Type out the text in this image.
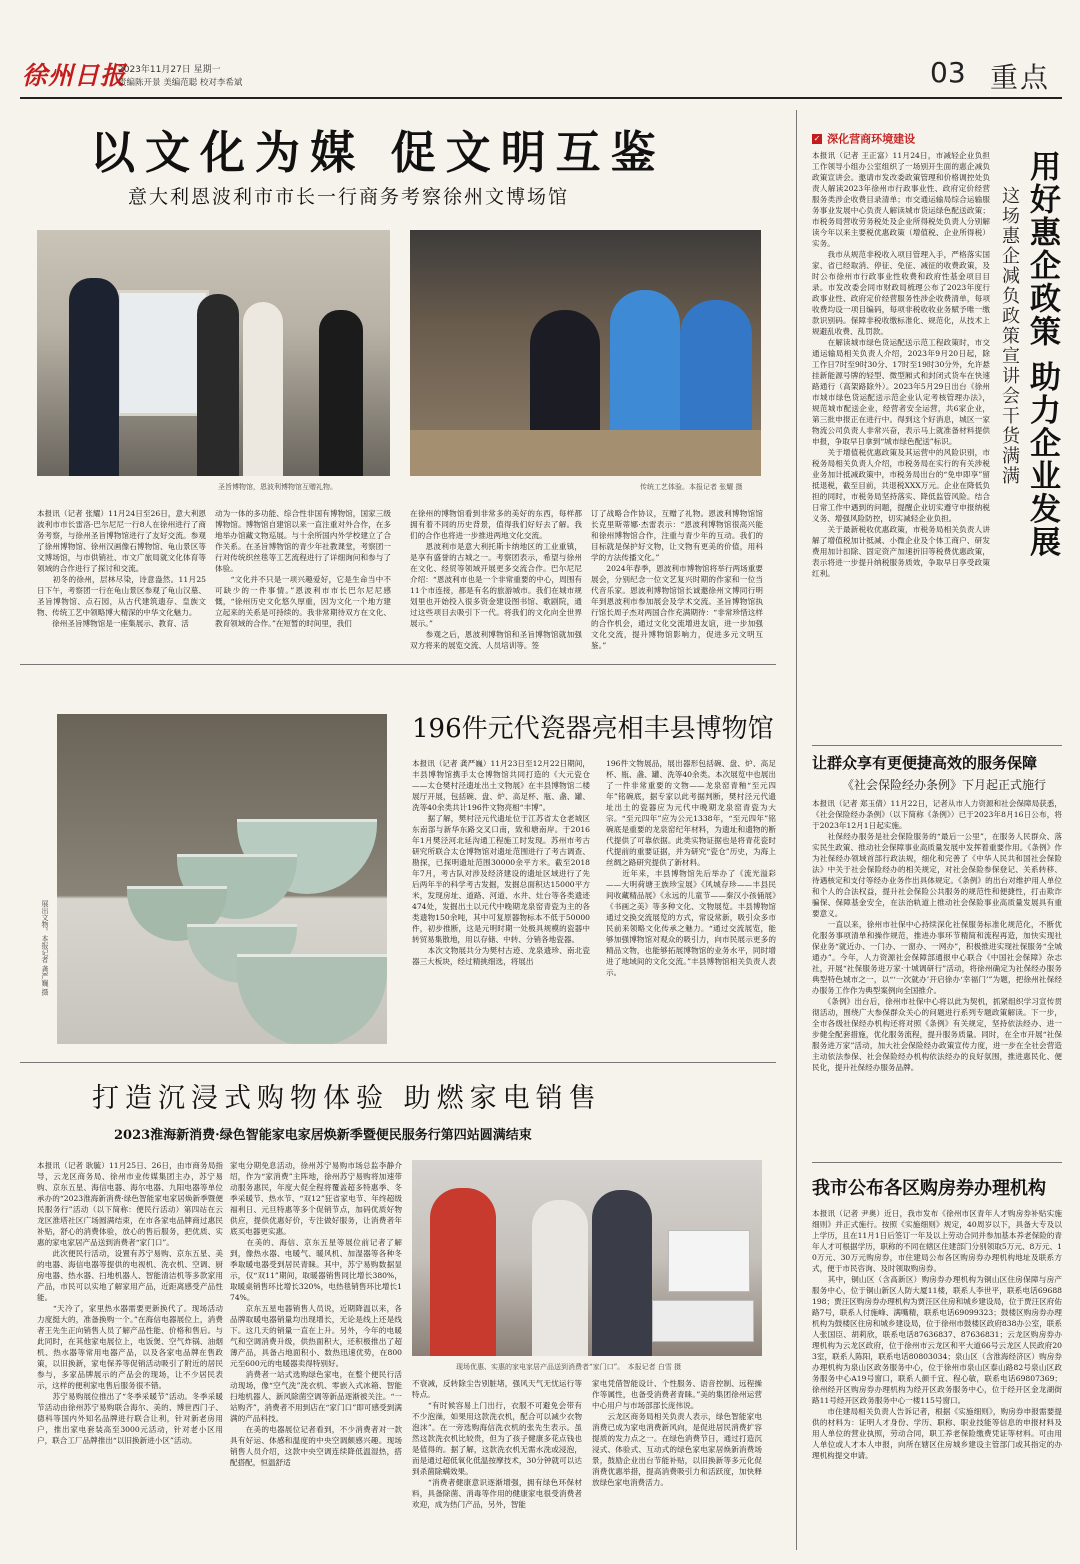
徐州日报
2023年11月27日 星期一
责编陈开景 美编范聪 校对李希斌	03 重点
以文化为媒 促文明互鉴
意大利恩波利市市长一行商务考察徐州文博场馆
圣旨博物馆，恩波利博物馆互赠礼物。	传统工艺体验。本报记者 张耀 摄
本报讯（记者 张耀）11月24日至26日，意大利恩波利市市长雷洛·巴尔尼尼一行8人在徐州进行了商务考察，与徐州圣旨博物馆进行了友好交流。参观了徐州博物馆、徐州汉画像石博物馆、龟山景区等文博场馆，与市供销社、市文广旅局就文化体育等领域的合作进行了探讨和交流。
　　初冬的徐州，层林尽染，诗意盎然。11月25日下午，考察团一行在龟山景区参观了龟山汉墓、圣旨博物馆、点石园，从古代建筑遗存、皇族文物、传统工艺中领略博大精深的中华文化魅力。
　　徐州圣旨博物馆是一座集展示、教育、活
动为一体的多功能、综合性非国有博物馆，国家三级博物馆。博物馆自建馆以来一直注重对外合作，在多地举办馆藏文物巡展。与十余所国内外学校建立了合作关系。在圣旨博物馆的青少年社教课堂，考察团一行对传统织丝毯等工艺流程进行了详细询问和参与了体验。
　　“文化并不只是一项兴趣爱好，它是生命当中不可缺少的一件事情。”恩波利市市长巴尔尼尼感慨，“徐州历史文化悠久厚重，因为文化一个地方建立起来的关系是可持续的。我非常期待双方在文化、教育领域的合作。”在短暂的时间里，我们
在徐州的博物馆看到非常多的美好的东西，每样都拥有着不同的历史背景，值得我们好好去了解。我们的合作也将进一步推进两地文化交流。
　　恩波利市是意大利托斯卡纳地区的工业重镇，是享有盛誉的古城之一。考察团表示，希望与徐州在文化、经贸等领域开展更多交流合作。巴尔尼尼介绍：“恩波利市也是一个非常重要的中心，周围有11个市连接，都是有名的旅游城市。我们在城市规划里也开始投入很多资金建设图书馆、歌剧院，通过这些项目去吸引下一代。将我们的文化向全世界展示。”
　　参观之后，恩波利博物馆和圣旨博物馆就加强双方将来的展览交流、人员培训等。签
订了战略合作协议，互赠了礼物。恩波利博物馆馆长克里斯蒂娜·杰雷表示：“恩波利博物馆很高兴能和徐州博物馆合作，注重与青少年的互动。我们的目标就是保护好文物，让文物有更美的价值，用科学的方法传播文化。”
　　2024年春季，恩波利市博物馆将举行两场重要展会，分别纪念一位文艺复兴时期的作家和一位当代音乐家。恩波利博物馆馆长诚邀徐州文博同行明年到恩波利市参加展会及学术交流。圣旨博物馆执行馆长周子杰对两国合作充满期待：“非常珍惜这样的合作机会，通过文化交流增进友谊，进一步加强文化交流，提升博物馆影响力，促进多元文明互鉴。”
✓ 深化营商环境建设
用好惠企政策 助力企业发展
这场惠企减负政策宣讲会干货满满
本报讯（记者 王正富）11月24日，市减轻企业负担工作领导小组办公室组织了一场别开生面的惠企减负政策宣讲会。邀请市发改委政策管理和价格调控处负责人解读2023年徐州市行政事业性、政府定价经营服务类涉企收费目录清单；市交通运输局综合运输服务事业发展中心负责人解读城市货运绿色配送政策；市税务局营收劳务税处及企业所得税处负责人分别解读今年以来主要税优惠政策（增值税、企业所得税）实务。
　　我市从规范非税收入项目管理入手，严格落实国家、省已经取消、停征、免征、减征的收费政策，及时公布徐州市行政事业性收费和政府性基金项目目录。市发改委会同市财政局梳理公布了2023年度行政事业性、政府定价经营服务性涉企收费清单，每项收费均设一项目编码，每项非税收收业务赋予唯一缴款识别码。保障非税收缴标准化、规范化，从技术上规避乱收费、乱罚款。
　　在解读城市绿色货运配送示范工程政策时，市交通运输局相关负责人介绍，2023年9月20日起，除工作日7时至9时30分、17时至19时30分外，允许悬挂新能源号牌的轻型、微型厢式和封闭式货车在快速路通行（高架路除外）。2023年5月29日出台《徐州市城市绿色货运配送示范企业认定考核管理办法》，规范城市配送企业，经营者安全运营，共6家企业，第三批申报正在进行中。得到这个好消息，城区一家物流公司负责人非常兴奋，表示马上就准备材料提供申报，争取早日拿到“城市绿色配送”标识。
　　关于增值税优惠政策及其运营中的风险识别，市税务局相关负责人介绍，市税务局在实行的有关涉税业务加计抵减政策中，市税务局出台的“免申即享”留抵退税，截至目前，共退税XXX万元。企业在降低负担的同时，市税务局坚持落实、降低监管风险。结合日常工作中遇到的问题，提醒企业切实遵守申报纳税义务、增强风险防控，切实减轻企业负担。
　　关于最新税收优惠政策，市税务局相关负责人讲解了增值税加计抵减、小微企业及个体工商户、研发费用加计扣除、固定资产加速折旧等税费优惠政策，表示将进一步提升纳税服务质效，争取早日享受政策红利。
展出文物。本报记者 龚严巍 摄
196件元代瓷器亮相丰县博物馆
本报讯（记者 龚严巍）11月23日至12月22日期间，丰县博物馆携手太仓博物馆共同打造的《大元瓷仓——太仓樊村泾遗址出土文物展》在丰县博物馆二楼展厅开展，包括碗、盘、炉、高足杯、瓶、盏、罐、洗等40余类共计196件文物亮相“丰博”。
　　据了解，樊村泾元代遗址位于江苏省太仓老城区东南部与新华东路交叉口南，致和塘南岸。于2016年1月樊泾河北延沟通工程施工时发现。苏州市考古研究所联合太仓博物馆对遗址范围进行了考古调查、勘探，已探明遗址范围30000余平方米。截至2018年7月，考古队对涉及经济建设的遗址区域进行了先后两年半的科学考古发掘，发掘总面积达15000平方米，发现房址、道路、河道、水井、灶台等各类遗迹474处，发掘出土以元代中晚期龙泉窑青瓷为主的各类遗物150余吨，其中可复原器物标本不低于50000件，初步推断，这是元明时期一处极具规模的瓷器中转贸易集散地，用以存储、中转、分销各地瓷器。
　　本次文物展共分为樊村古迹、龙泉遗珍、南北瓷器三大板块，经过精挑细选，将展出
196件文物展品，展出器形包括碗、盘、炉、高足杯、瓶、盏、罐、洗等40余类。本次展览中也展出了一件非常重要的文物——龙泉窑青釉“至元四年”铭碗底，据专家以此考据判断，樊村泾元代遗址出土的瓷器应为元代中晚期龙泉窑青瓷为大宗。“至元四年”应为公元1338年，“至元四年”铭碗底是重要的龙泉窑纪年材料，为遗址和遗物的断代提供了可靠依据。此类实物证据也是将青花瓷时代提前的重要证据，并为研究“瓷仓”历史，为海上丝绸之路研究提供了新材料。
　　近年来，丰县博物馆先后举办了《流光溢彩——大明荷塘王族珍宝展》《风城存珍——丰县民间收藏精品展》《永远的儿童节——秦汉小孩俑展》《书画之美》等多种文化、文物展览。丰县博物馆通过交换交流展览的方式，常设常新，吸引众多市民前来领略文化传承之魅力。“通过交流展览，能够加强博物馆对观众的吸引力，向市民展示更多的精品文物，也能够拓展博物馆的业务水平，同时增进了地域间的文化交流。”丰县博物馆相关负责人表示。
让群众享有更便捷高效的服务保障
《社会保险经办条例》下月起正式施行
本报讯（记者 郑玉倩）11月22日，记者从市人力资源和社会保障局获悉，《社会保险经办条例》（以下简称《条例》）已于2023年8月16日公布，将于2023年12月1日起实施。
　　社保经办服务是社会保险服务的“最后一公里”，在服务人民群众、落实民生政策、推动社会保障事业高质量发展中发挥着重要作用。《条例》作为社保经办领域首部行政法规，细化和完善了《中华人民共和国社会保险法》中关于社会保险经办的相关规定，对社会保险参保登记、关系转移、待遇核定和支付等经办业务作出具体规定。《条例》的出台对维护用人单位和个人的合法权益，提升社会保险公共服务的规范性和便捷性，打击欺诈骗保、保障基金安全，在法治轨道上推动社会保险事业高质量发展具有重要意义。
　　一直以来，徐州市社保中心持续深化社保服务标准化规范化，不断优化服务事项清单和操作规范，推进办事环节精简和流程再造，加快实现社保业务“就近办、一门办、一窗办、一网办”，积极推进实现社保服务“全城通办”。今年，人力资源社会保障部通报中心联合《中国社会保障》杂志社，开展“社保服务进万家·十城调研行”活动，将徐州确定为社保经办服务典型特色城市之一，以“‘一次就办’开启徐办‘幸福门’”为题，把徐州社保经办服务工作作为典型案例向全国推介。
　　《条例》出台后，徐州市社保中心将以此为契机，抓紧组织学习宣传贯彻活动，围绕广大参保群众关心的问题进行系列专题政策解读。下一步，全市各级社保经办机构还将对照《条例》有关规定，坚持依法经办、进一步健全配套措施，优化服务流程，提升服务质量。同时，在全市开展“社保服务进万家”活动，加大社会保险经办政策宣传力度，进一步在全社会营造主动依法参保、社会保险经办机构依法经办的良好氛围，推进惠民化、便民化，提升社保经办服务品牌。
我市公布各区购房券办理机构
本报讯（记者 尹奥）近日，我市发布《徐州市区青年人才购房券补贴实施细则》并正式施行。按照《实施细则》规定，40周岁以下，具备大专及以上学历，且在11月1日后签订一年及以上劳动合同并参加基本养老保险的青年人才可根据学历，职称的不同在辖区住建部门分别领取5万元、8万元、10万元、30万元购房券，市住建局公布各区购房券办理机构地址及联系方式，便于市民咨询、及时领取购房券。
　　其中，铜山区（含高新区）购房券办理机构为铜山区住房保障与房产服务中心，位于铜山新区人防大厦11楼，联系人李世平，联系电话69688198；贾汪区购房券办理机构为贾汪区住房和城乡建设局，位于贾汪区府佑路7号，联系人付施峰、满嘴精，联系电话69099323；鼓楼区购房券办理机构为鼓楼区住房和城乡建设局，位于徐州市鼓楼区政府838办公室，联系人张国臣、胡莉欣，联系电话87636837、87636831；云龙区购房券办理机构为云龙区政府，位于徐州市云龙区和平大道66号云龙区人民政府203室，联系人陈阳，联系电话80803034；泉山区（含淮海经济区）购房券办理机构为泉山区政务服务中心，位于徐州市泉山区泰山路82号泉山区政务服务中心A19号窗口，联系人颜千宜、程心敏，联系电话69807369；徐州经开区购房券办理机构为经开区政务服务中心，位于经开区金龙湖街路11号经开区政务服务中心一楼115号窗口。
　　市住建局相关负责人告诉记者，根据《实施细则》，购房券申报需要提供的材料为：证明人才身份、学历、职称、职业技能等信息的申报材料及用人单位的营业执照，劳动合同，职工养老保险缴费凭证等材料。可由用人单位或人才本人申报，向所在辖区住房城乡建设主管部门或其指定的办理机构提交申请。
打造沉浸式购物体验 助燃家电销售
2023淮海新消费·绿色智能家电家居焕新季暨便民服务行第四站圆满结束
本报讯（记者 耿毓）11月25日、26日，由市商务局指导，云龙区商务局、徐州市业传媒集团主办，苏宁易购、京东五星、海信电器、海尔电器、九阳电器等单位承办的“2023淮海新消费·绿色智能家电家居焕新季暨便民服务行”活动（以下简称：便民行活动）第四站在云龙区淮塔社区广场圆满结束，在市各家电品牌商过惠民补贴，舒心的消费体验，放心的售后服务，把优质、实惠的家电家居产品送到消费者“家门口”。
　　此次便民行活动，设置有苏宁易购、京东五星、美的电器、海信电器等提供的电视机、洗衣机、空调、厨房电器、热水器、扫地机器人、智能清洁机等多款家用产品，市民可以实地了解家用产品，近距离感受产品性能。
　　“天冷了，家里热水器需要更新换代了。现场活动力度挺大的，准备换购一个。”在海信电器展位上，消费者王先生正向销售人员了解产品性能、价格和售后。与此同时，在其他家电展位上，电饭煲、空气炸锅、油烟机、热水器等常用电器产品，以及各家电品牌在售政策，以旧换新，家电保养等促销活动吸引了附近的居民参与，多家品牌展示的产品会的现场，让不少居民表示，这样的便利家电售后服务很不错。
　　苏宁易购展位推出了“冬季采暖节”活动。冬季采暖节活动由徐州苏宁易购联合海尔、美的、博世西门子、德科等国内外知名品牌进行联合让利，针对新老房用户，推出家电套装高至3000元活动，针对老小区用户，联合工厂品牌推出“以旧换新进小区”活动。
家电分期免息活动，徐州苏宁易购市场总监李静介绍，作为“家消费”主阵地，徐州苏宁易购将加速带动服务惠民，年度大促全程将覆盖超多特惠季、冬季采暖节、热水节、“双12”狂省家电节、年终超级福利日、元旦特惠等多个促销节点，加码优质好物供应，提供优惠好价，专注做好服务，让消费者年底买电器更实惠。
　　在美的、海信、京东五星等展位前记者了解到，像热水器、电暖气、暖风机、加湿器等各种冬季取暖电器受到居民青睐。其中，苏宁易购数据显示，仅“双11”期间，取暖器销售同比增长380%，取暖桌销售环比增长320%，电热毯销售环比增长174%。
　　京东五星电器销售人员说，近期降温以来，各品牌取暖电器销量均出现增长，无论是线上还是线下。这几天的销量一直在上升。另外，今年的电暖气和空调消费升级，供热面积大，还积极推出了超薄产品，具备占地面积小、数热迅速优势，在800元至600元的电暖器卖得特别好。
　　消费者一站式选购绿色家电，在整个便民行活动现场，像“空气洗”洗衣机、零嵌入式冰箱、智能扫地机器人、新风除菌空调等新品逐渐被关注。“一站购齐”，消费者不用到店在“家门口”即可感受到满满的产品科技。
　　在美的电器展位记者看到，不少消费者对一款具有好运、体感和温度的中央空调颇感兴趣。现场销售人员介绍，这款中央空调连续降低温湿热，搭配搭配，恒温舒适
现场优惠、实惠的家电家居产品送到消费者“家门口”。　本报记者 白雪 摄
不衰减，反转除尘告别脏堵，强风天气无忧运行等特点。
　　“有时候容易上门出行，衣服不可避免会带有不少泡澡，如果用这款洗衣机，配合可以减少衣物泡沫”。在一旁选购海信洗衣机的张先生表示。虽然这款洗衣机比较贵，但为了孩子健康多花点钱也是值得的。据了解，这款洗衣机无需水洗或浸泡，而是通过超低氧化低温按摩技术，30分钟就可以达到杀菌除螨效果。
　　“消费者健康意识逐渐增强，拥有绿色环保材料，具备除菌、消毒等作用的健康家电很受消费者欢迎，成为热门产品，另外，智能
家电凭借智能设计、个性服务、语音控制、远程操作等属性，也备受消费者青睐。”美的集团徐州运营中心用户与市场部部长庞伟说。
　　云龙区商务局相关负责人表示，绿色智能家电消费已成为家电消费新风向，是促进居民消费扩容提质的发力点之一。在绿色消费节日，通过打造沉浸式、体验式、互动式的绿色家电家居焕新消费场景，鼓励企业出台节能补贴，以旧换新等多元化促消费优惠举措，提高消费吸引力和活跃度，加快释放绿色家电消费活力。
